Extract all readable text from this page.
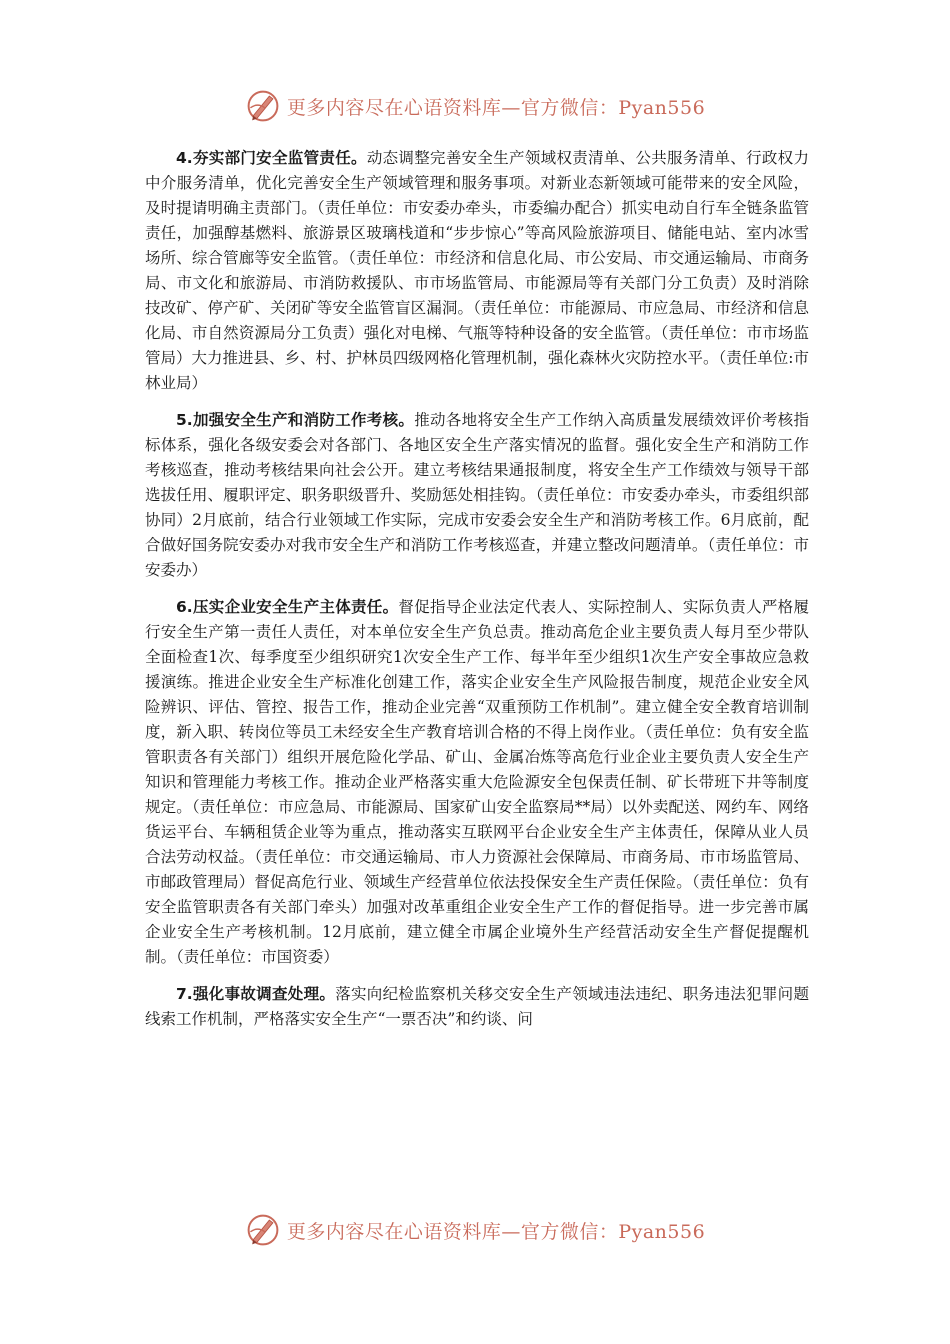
更多内容尽在心语资料库—官方微信：Pyan556

4.夯实部门安全监管责任。动态调整完善安全生产领域权责清单、公共服务清单、行政权力中介服务清单，优化完善安全生产领域管理和服务事项。对新业态新领域可能带来的安全风险，及时提请明确主责部门。（责任单位：市安委办牵头，市委编办配合）抓实电动自行车全链条监管责任，加强醇基燃料、旅游景区玻璃栈道和“步步惊心”等高风险旅游项目、储能电站、室内冰雪场所、综合管廊等安全监管。（责任单位：市经济和信息化局、市公安局、市交通运输局、市商务局、市文化和旅游局、市消防救援队、市市场监管局、市能源局等有关部门分工负责）及时消除技改矿、停产矿、关闭矿等安全监管盲区漏洞。（责任单位：市能源局、市应急局、市经济和信息化局、市自然资源局分工负责）强化对电梯、气瓶等特种设备的安全监管。（责任单位：市市场监管局）大力推进县、乡、村、护林员四级网格化管理机制，强化森林火灾防控水平。（责任单位:市林业局）

5.加强安全生产和消防工作考核。推动各地将安全生产工作纳入高质量发展绩效评价考核指标体系，强化各级安委会对各部门、各地区安全生产落实情况的监督。强化安全生产和消防工作考核巡查，推动考核结果向社会公开。建立考核结果通报制度，将安全生产工作绩效与领导干部选拔任用、履职评定、职务职级晋升、奖励惩处相挂钩。（责任单位：市安委办牵头，市委组织部协同）2月底前，结合行业领域工作实际，完成市安委会安全生产和消防考核工作。6月底前，配合做好国务院安委办对我市安全生产和消防工作考核巡查，并建立整改问题清单。（责任单位：市安委办）

6.压实企业安全生产主体责任。督促指导企业法定代表人、实际控制人、实际负责人严格履行安全生产第一责任人责任，对本单位安全生产负总责。推动高危企业主要负责人每月至少带队全面检查1次、每季度至少组织研究1次安全生产工作、每半年至少组织1次生产安全事故应急救援演练。推进企业安全生产标准化创建工作，落实企业安全生产风险报告制度，规范企业安全风险辨识、评估、管控、报告工作，推动企业完善“双重预防工作机制”。建立健全安全教育培训制度，新入职、转岗位等员工未经安全生产教育培训合格的不得上岗作业。（责任单位：负有安全监管职责各有关部门）组织开展危险化学品、矿山、金属冶炼等高危行业企业主要负责人安全生产知识和管理能力考核工作。推动企业严格落实重大危险源安全包保责任制、矿长带班下井等制度规定。（责任单位：市应急局、市能源局、国家矿山安全监察局**局）以外卖配送、网约车、网络货运平台、车辆租赁企业等为重点，推动落实互联网平台企业安全生产主体责任，保障从业人员合法劳动权益。（责任单位：市交通运输局、市人力资源社会保障局、市商务局、市市场监管局、市邮政管理局）督促高危行业、领域生产经营单位依法投保安全生产责任保险。（责任单位：负有安全监管职责各有关部门牵头）加强对改革重组企业安全生产工作的督促指导。进一步完善市属企业安全生产考核机制。12月底前，建立健全市属企业境外生产经营活动安全生产督促提醒机制。（责任单位：市国资委）

7.强化事故调查处理。落实向纪检监察机关移交安全生产领域违法违纪、职务违法犯罪问题线索工作机制，严格落实安全生产“一票否决”和约谈、问

更多内容尽在心语资料库—官方微信：Pyan556
